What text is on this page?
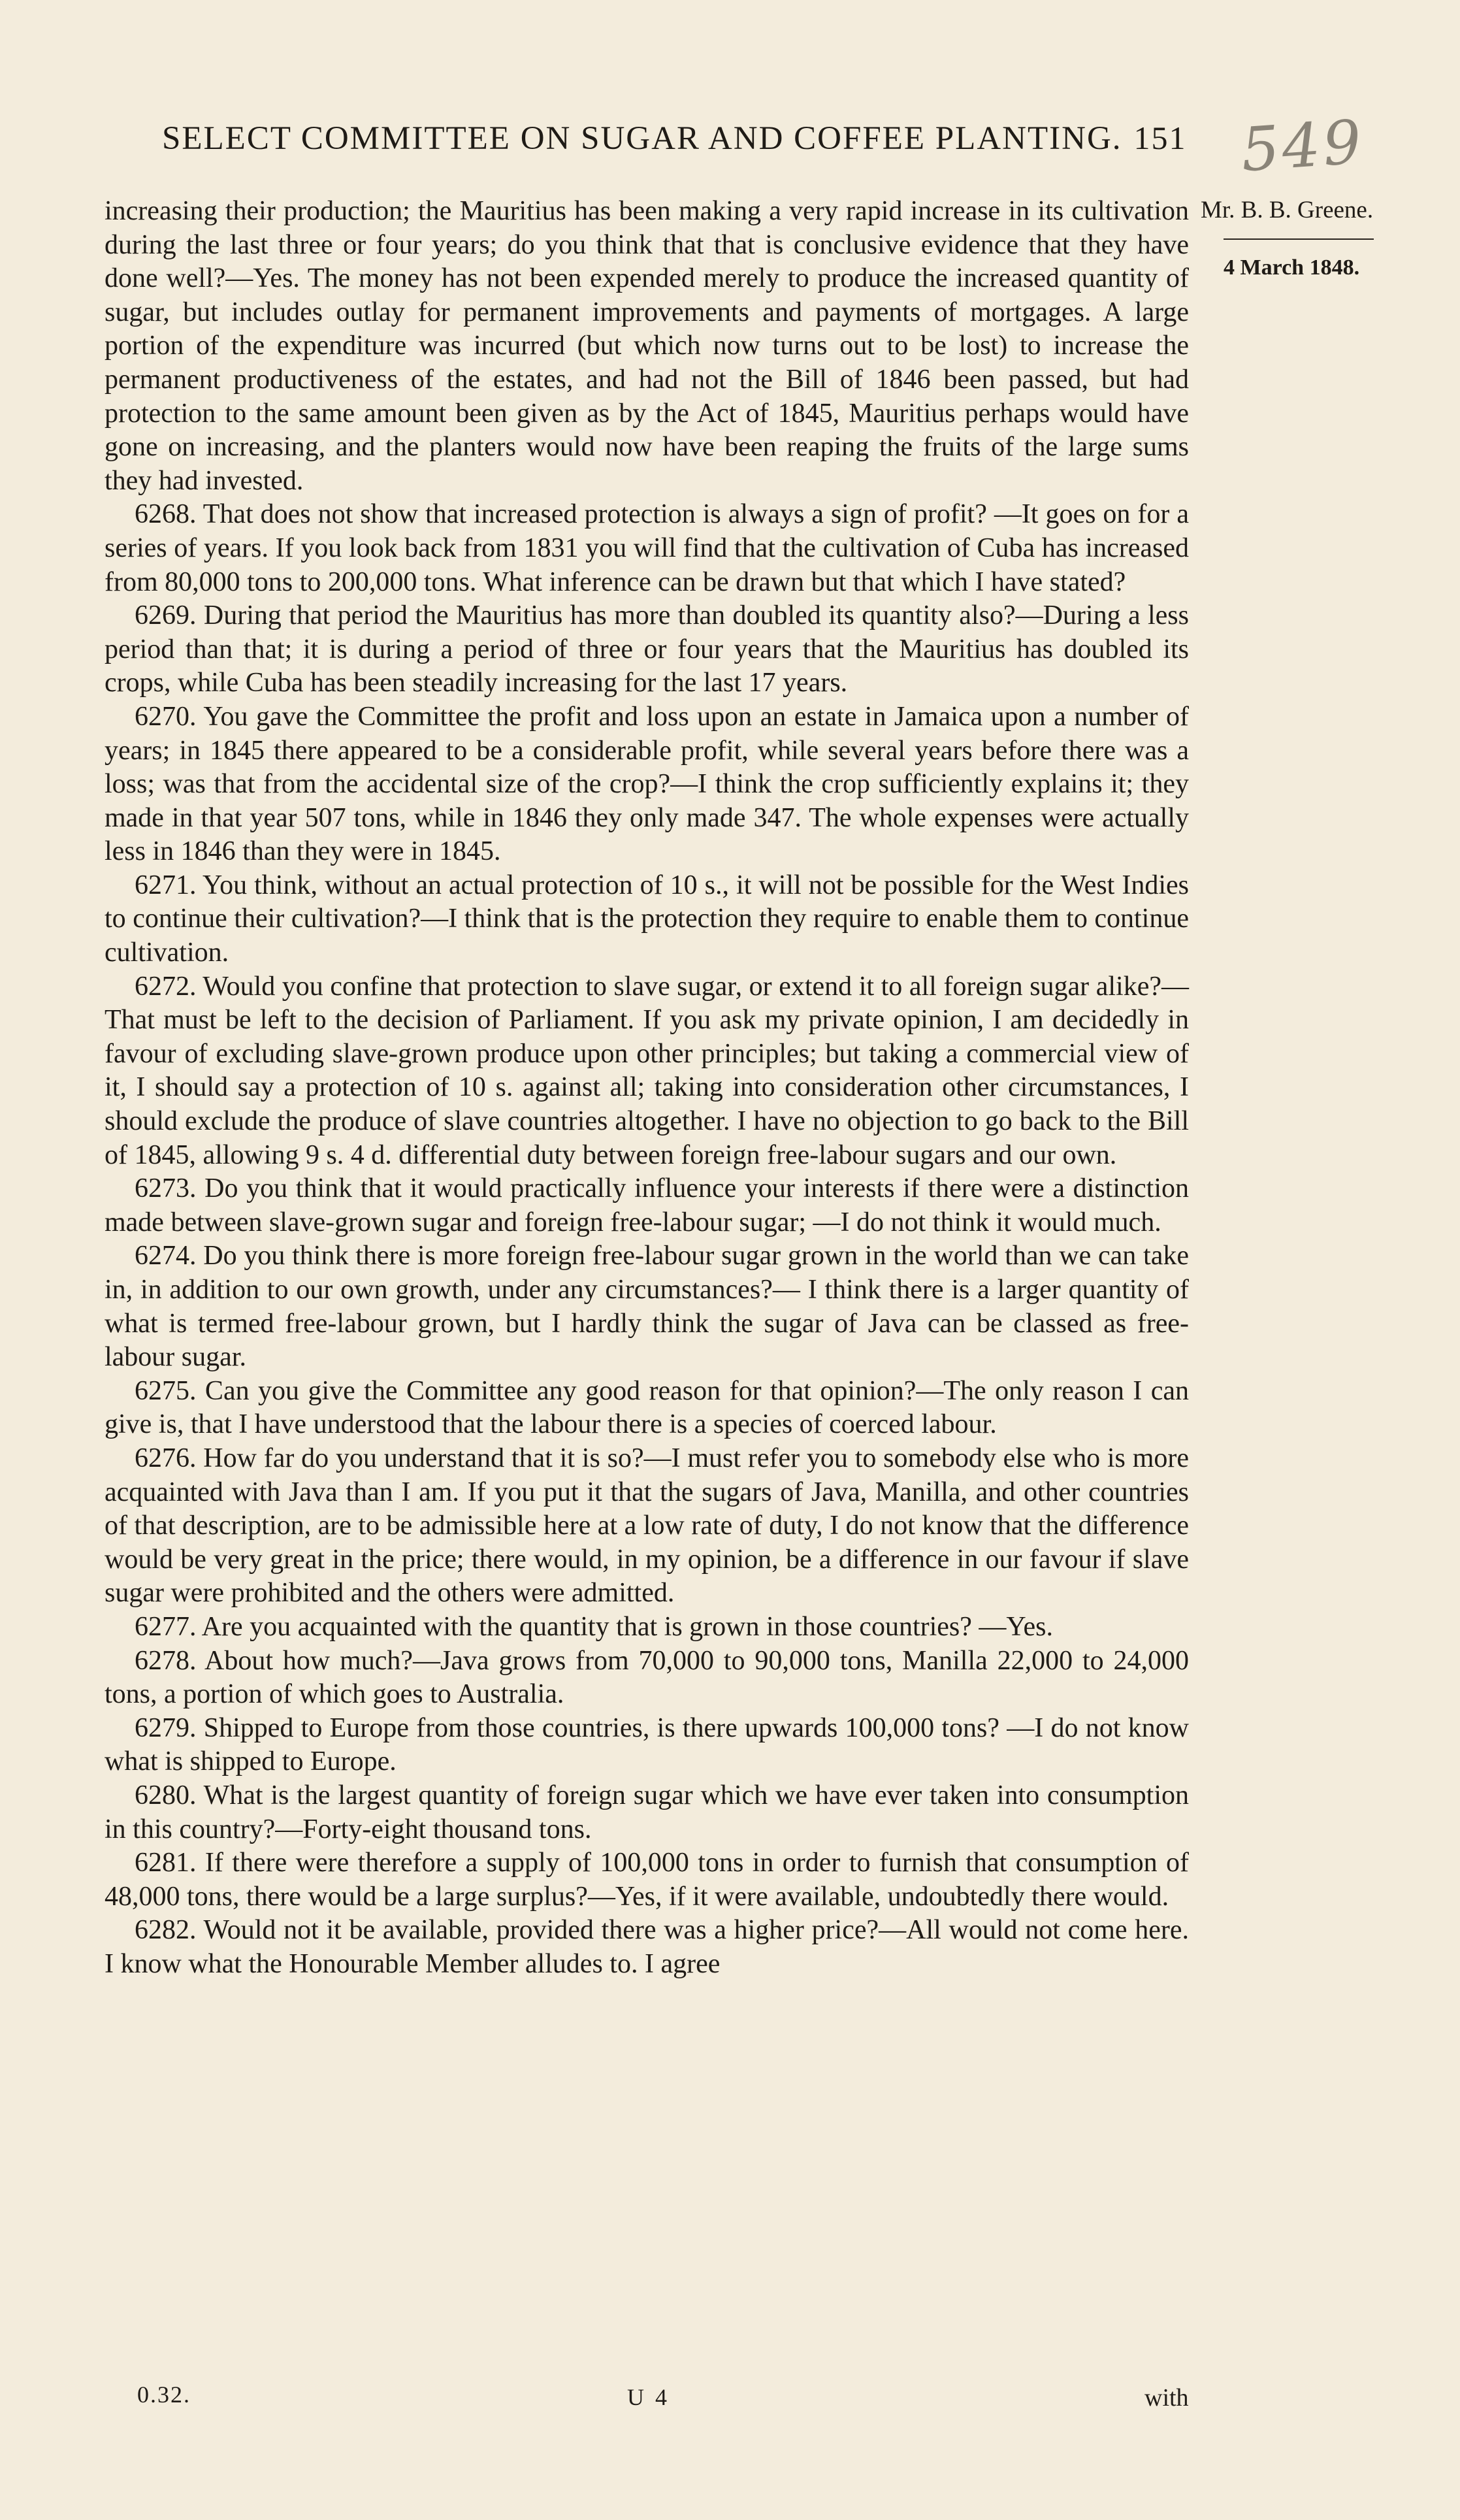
SELECT COMMITTEE ON SUGAR AND COFFEE PLANTING. 151 549
Mr. B. B. Greene.
4 March 1848.

increasing their production; the Mauritius has been making a very rapid increase in its cultivation during the last three or four years; do you think that that is conclusive evidence that they have done well?—Yes. The money has not been expended merely to produce the increased quantity of sugar, but includes outlay for permanent improvements and payments of mortgages. A large portion of the expenditure was incurred (but which now turns out to be lost) to increase the permanent productiveness of the estates, and had not the Bill of 1846 been passed, but had protection to the same amount been given as by the Act of 1845, Mauritius perhaps would have gone on increasing, and the planters would now have been reaping the fruits of the large sums they had invested.

6268. That does not show that increased protection is always a sign of profit? —It goes on for a series of years. If you look back from 1831 you will find that the cultivation of Cuba has increased from 80,000 tons to 200,000 tons. What inference can be drawn but that which I have stated?

6269. During that period the Mauritius has more than doubled its quantity also?—During a less period than that; it is during a period of three or four years that the Mauritius has doubled its crops, while Cuba has been steadily increasing for the last 17 years.

6270. You gave the Committee the profit and loss upon an estate in Jamaica upon a number of years; in 1845 there appeared to be a considerable profit, while several years before there was a loss; was that from the accidental size of the crop?—I think the crop sufficiently explains it; they made in that year 507 tons, while in 1846 they only made 347. The whole expenses were actually less in 1846 than they were in 1845.

6271. You think, without an actual protection of 10 s., it will not be possible for the West Indies to continue their cultivation?—I think that is the protection they require to enable them to continue cultivation.

6272. Would you confine that protection to slave sugar, or extend it to all foreign sugar alike?—That must be left to the decision of Parliament. If you ask my private opinion, I am decidedly in favour of excluding slave-grown produce upon other principles; but taking a commercial view of it, I should say a protection of 10 s. against all; taking into consideration other circumstances, I should exclude the produce of slave countries altogether. I have no objection to go back to the Bill of 1845, allowing 9 s. 4 d. differential duty between foreign free-labour sugars and our own.

6273. Do you think that it would practically influence your interests if there were a distinction made between slave-grown sugar and foreign free-labour sugar; —I do not think it would much.

6274. Do you think there is more foreign free-labour sugar grown in the world than we can take in, in addition to our own growth, under any circumstances?— I think there is a larger quantity of what is termed free-labour grown, but I hardly think the sugar of Java can be classed as free-labour sugar.

6275. Can you give the Committee any good reason for that opinion?—The only reason I can give is, that I have understood that the labour there is a species of coerced labour.

6276. How far do you understand that it is so?—I must refer you to somebody else who is more acquainted with Java than I am. If you put it that the sugars of Java, Manilla, and other countries of that description, are to be admissible here at a low rate of duty, I do not know that the difference would be very great in the price; there would, in my opinion, be a difference in our favour if slave sugar were prohibited and the others were admitted.

6277. Are you acquainted with the quantity that is grown in those countries? —Yes.

6278. About how much?—Java grows from 70,000 to 90,000 tons, Manilla 22,000 to 24,000 tons, a portion of which goes to Australia.

6279. Shipped to Europe from those countries, is there upwards 100,000 tons? —I do not know what is shipped to Europe.

6280. What is the largest quantity of foreign sugar which we have ever taken into consumption in this country?—Forty-eight thousand tons.

6281. If there were therefore a supply of 100,000 tons in order to furnish that consumption of 48,000 tons, there would be a large surplus?—Yes, if it were available, undoubtedly there would.

6282. Would not it be available, provided there was a higher price?—All would not come here. I know what the Honourable Member alludes to. I agree

0.32.	U 4	with
